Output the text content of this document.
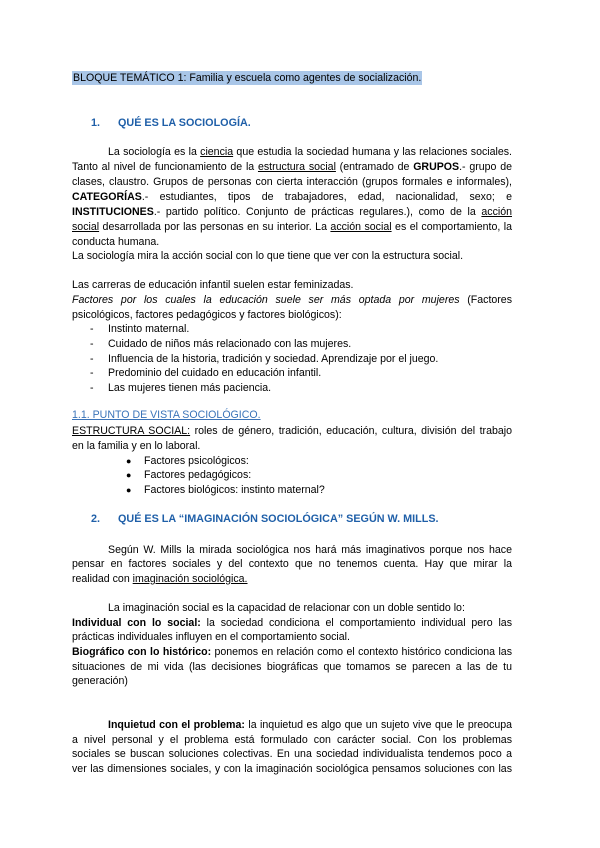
BLOQUE TEMÁTICO 1: Familia y escuela como agentes de socialización.
1. QUÉ ES LA SOCIOLOGÍA.
La sociología es la ciencia que estudia la sociedad humana y las relaciones sociales.
Tanto al nivel de funcionamiento de la estructura social (entramado de GRUPOS.- grupo de
clases, claustro. Grupos de personas con cierta interacción (grupos formales e informales),
CATEGORÍAS.- estudiantes, tipos de trabajadores, edad, nacionalidad, sexo; e
INSTITUCIONES.- partido político. Conjunto de prácticas regulares.), como de la acción
social desarrollada por las personas en su interior. La acción social es el comportamiento, la
conducta humana.
La sociología mira la acción social con lo que tiene que ver con la estructura social.
Las carreras de educación infantil suelen estar feminizadas.
Factores por los cuales la educación suele ser más optada por mujeres (Factores
psicológicos, factores pedagógicos y factores biológicos):
- Instinto maternal.
- Cuidado de niños más relacionado con las mujeres.
- Influencia de la historia, tradición y sociedad. Aprendizaje por el juego.
- Predominio del cuidado en educación infantil.
- Las mujeres tienen más paciencia.
1.1. PUNTO DE VISTA SOCIOLÓGICO.
ESTRUCTURA SOCIAL: roles de género, tradición, educación, cultura, división del trabajo
en la familia y en lo laboral.
● Factores psicológicos:
● Factores pedagógicos:
● Factores biológicos: instinto maternal?
2. QUÉ ES LA “IMAGINACIÓN SOCIOLÓGICA” SEGÚN W. MILLS.
Según W. Mills la mirada sociológica nos hará más imaginativos porque nos hace
pensar en factores sociales y del contexto que no tenemos cuenta. Hay que mirar la
realidad con imaginación sociológica.
La imaginación social es la capacidad de relacionar con un doble sentido lo:
Individual con lo social: la sociedad condiciona el comportamiento individual pero las
prácticas individuales influyen en el comportamiento social.
Biográfico con lo histórico: ponemos en relación como el contexto histórico condiciona las
situaciones de mi vida (las decisiones biográficas que tomamos se parecen a las de tu
generación)
Inquietud con el problema: la inquietud es algo que un sujeto vive que le preocupa
a nivel personal y el problema está formulado con carácter social. Con los problemas
sociales se buscan soluciones colectivas. En una sociedad individualista tendemos poco a
ver las dimensiones sociales, y con la imaginación sociológica pensamos soluciones con las
